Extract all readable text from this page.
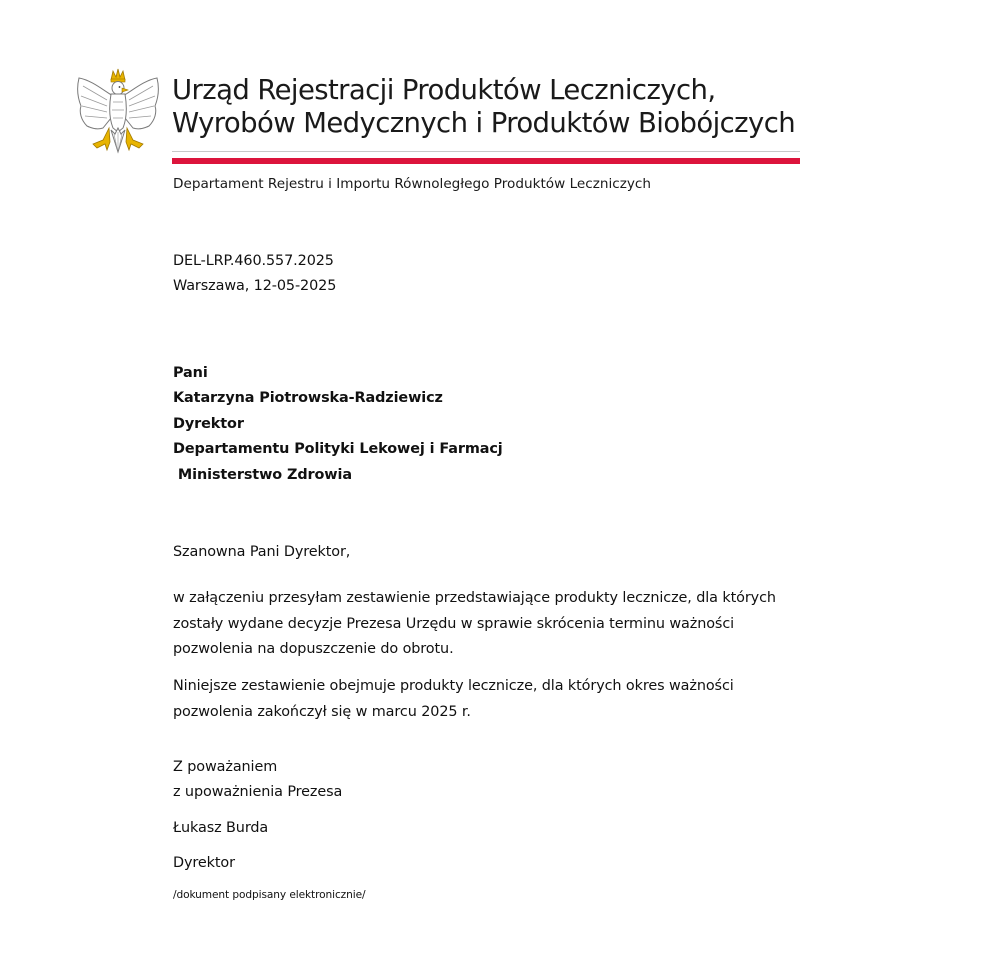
Urząd Rejestracji Produktów Leczniczych,
Wyrobów Medycznych i Produktów Biobójczych
Departament Rejestru i Importu Równoległego Produktów Leczniczych
DEL-LRP.460.557.2025
Warszawa, 12-05-2025
Pani
Katarzyna Piotrowska-Radziewicz
Dyrektor
Departamentu Polityki Lekowej i Farmacj
Ministerstwo Zdrowia
Szanowna Pani Dyrektor,
w załączeniu przesyłam zestawienie przedstawiające produkty lecznicze, dla których
zostały wydane decyzje Prezesa Urzędu w sprawie skrócenia terminu ważności
pozwolenia na dopuszczenie do obrotu.
Niniejsze zestawienie obejmuje produkty lecznicze, dla których okres ważności
pozwolenia zakończył się w marcu 2025 r.
Z poważaniem
z upoważnienia Prezesa
Łukasz Burda
Dyrektor
/dokument podpisany elektronicznie/
